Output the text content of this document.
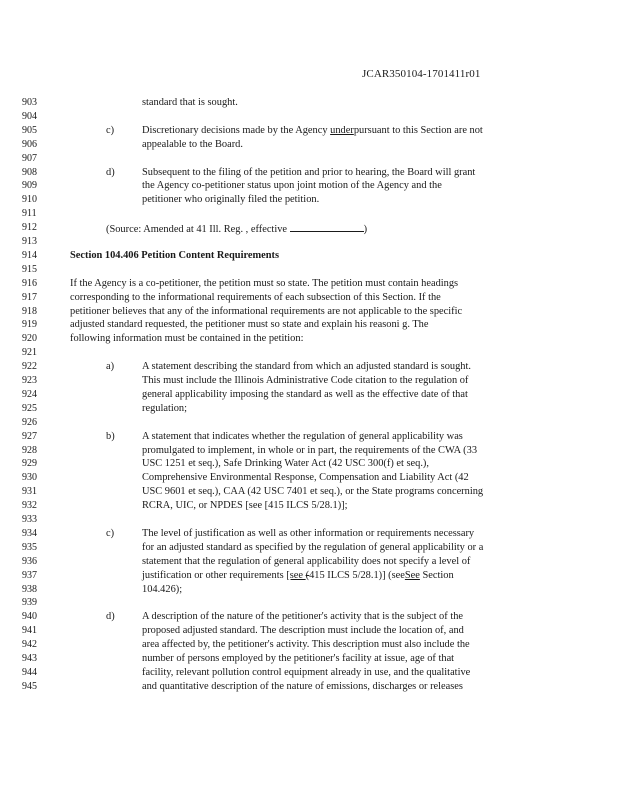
JCAR350104-1701411r01
903	standard that is sought.
904
905	c)	Discretionary decisions made by the Agency underpursuant to this Section are not
906	appealable to the Board.
907
908	d)	Subsequent to the filing of the petition and prior to hearing, the Board will grant
909	the Agency co-petitioner status upon joint motion of the Agency and the
910	petitioner who originally filed the petition.
911
912	(Source: Amended at 41 Ill. Reg. , effective	)
913
914	Section 104.406 Petition Content Requirements
915
916	If the Agency is a co-petitioner, the petition must so state. The petition must contain headings
917	corresponding to the informational requirements of each subsection of this Section. If the
918	petitioner believes that any of the informational requirements are not applicable to the specific
919	adjusted standard requested, the petitioner must so state and explain his reasoni g. The
920	following information must be contained in the petition:
921
922	a)	A statement describing the standard from which an adjusted standard is sought.
923	This must include the Illinois Administrative Code citation to the regulation of
924	general applicability imposing the standard as well as the effective date of that
925	regulation;
926
927	b)	A statement that indicates whether the regulation of general applicability was
928	promulgated to implement, in whole or in part, the requirements of the CWA (33
929	USC 1251 et seq.), Safe Drinking Water Act (42 USC 300(f) et seq.),
930	Comprehensive Environmental Response, Compensation and Liability Act (42
931	USC 9601 et seq.), CAA (42 USC 7401 et seq.), or the State programs concerning
932	RCRA, UIC, or NPDES [see [415 ILCS 5/28.1)];
933
934	c)	The level of justification as well as other information or requirements necessary
935	for an adjusted standard as specified by the regulation of general applicability or a
936	statement that the regulation of general applicability does not specify a level of
937	justification or other requirements [see (415 ILCS 5/28.1)] (seeSee Section
938	104.426);
939
940	d)	A description of the nature of the petitioner's activity that is the subject of the
941	proposed adjusted standard. The description must include the location of, and
942	area affected by, the petitioner's activity. This description must also include the
943	number of persons employed by the petitioner's facility at issue, age of that
944	facility, relevant pollution control equipment already in use, and the qualitative
945	and quantitative description of the nature of emissions, discharges or releases
